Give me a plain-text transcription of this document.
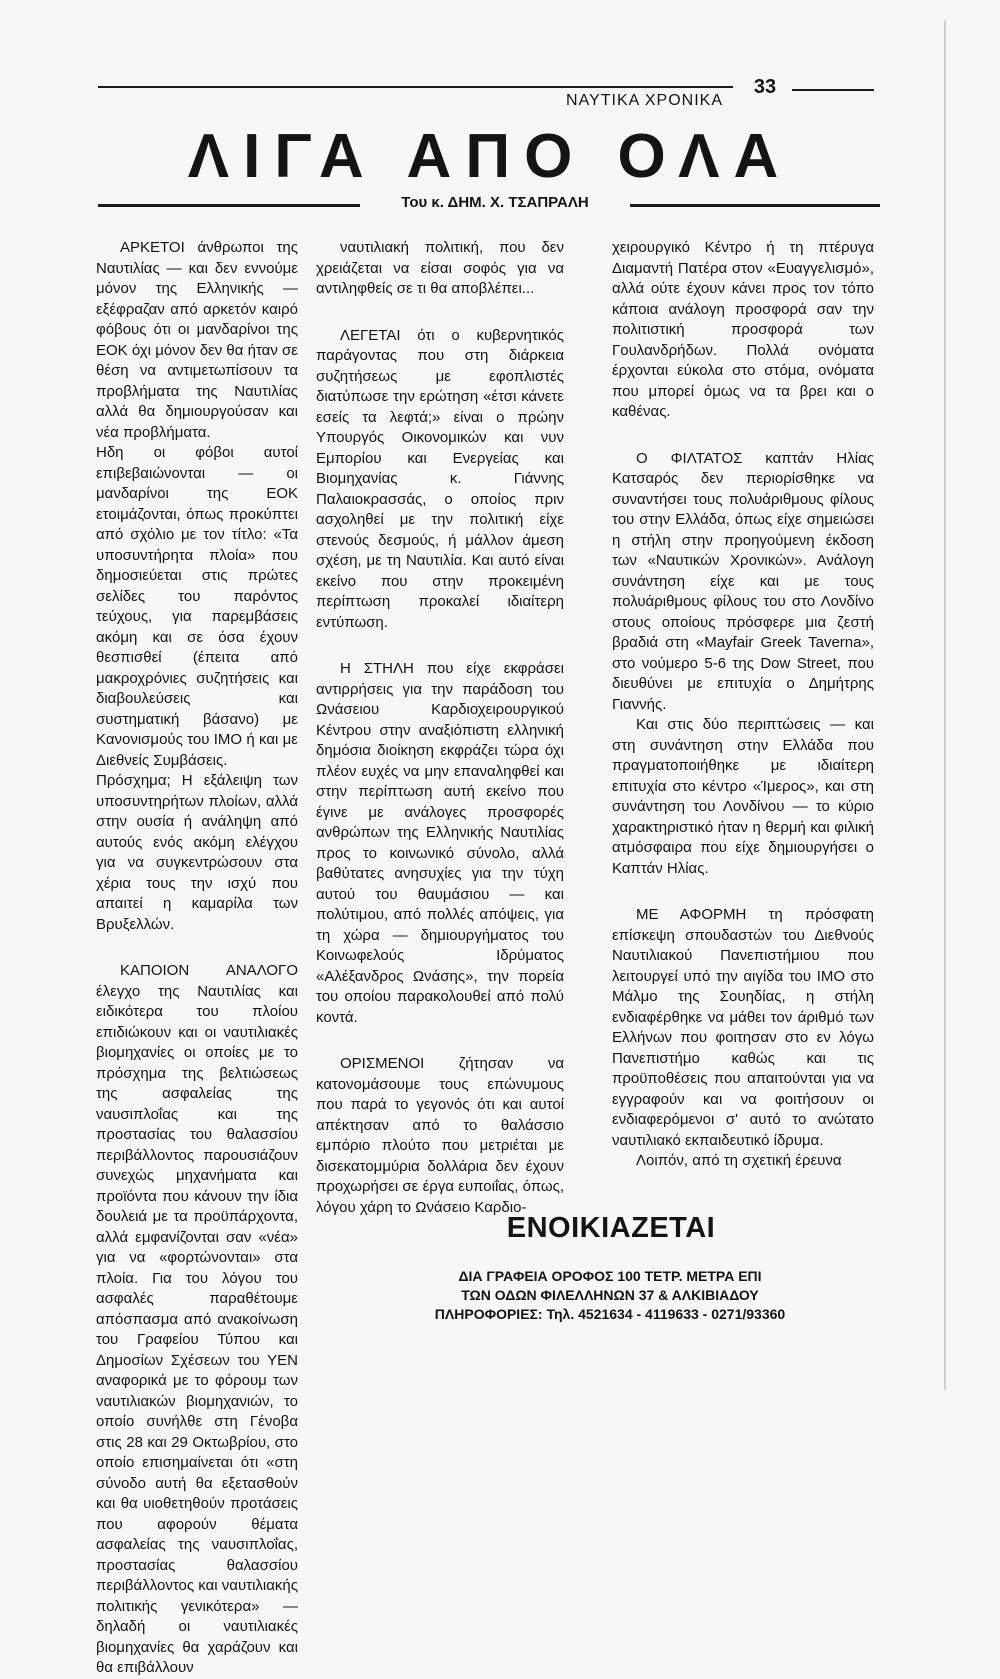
ΝΑΥΤΙΚΑ ΧΡΟΝΙΚΑ
33
ΛΙΓΑ ΑΠΟ ΟΛΑ
Του κ. ΔΗΜ. Χ. ΤΣΑΠΡΑΛΗ

ΑΡΚΕΤΟΙ άνθρωποι της Ναυτιλίας — και δεν εννούμε μόνον της Ελληνικής — εξέφραζαν από αρκετόν καιρό φόβους ότι οι μανδαρίνοι της ΕΟΚ όχι μόνον δεν θα ήταν σε θέση να αντιμετωπίσουν τα προβλήματα της Ναυτιλίας αλλά θα δημιουργούσαν και νέα προβλήματα.

Ηδη οι φόβοι αυτοί επιβεβαιώνονται — οι μανδαρίνοι της ΕΟΚ ετοιμάζονται, όπως προκύπτει από σχόλιο με τον τίτλο: «Τα υποσυντήρητα πλοία» που δημοσιεύεται στις πρώτες σελίδες του παρόντος τεύχους, για παρεμβάσεις ακόμη και σε όσα έχουν θεσπισθεί (έπειτα από μακροχρόνιες συζητήσεις και διαβουλεύσεις και συστηματική βάσανο) με Κανονισμούς του ΙΜΟ ή και με Διεθνείς Συμβάσεις.

Πρόσχημα; Η εξάλειψη των υποσυντηρήτων πλοίων, αλλά στην ουσία ή ανάληψη από αυτούς ενός ακόμη ελέγχου για να συγκεντρώσουν στα χέρια τους την ισχύ που απαιτεί η καμαρίλα των Βρυξελλών.

ΚΑΠΟΙΟΝ ΑΝΑΛΟΓΟ έλεγχο της Ναυτιλίας και ειδικότερα του πλοίου επιδιώκουν και οι ναυτιλιακές βιομηχανίες οι οποίες με το πρόσχημα της βελτιώσεως της ασφαλείας της ναυσιπλοΐας και της προστασίας του θαλασσίου περιβάλλοντος παρουσιάζουν συνεχώς μηχανήματα και προϊόντα που κάνουν την ίδια δουλειά με τα προϋπάρχοντα, αλλά εμφανίζονται σαν «νέα» για να «φορτώνονται» στα πλοία. Για του λόγου του ασφαλές παραθέτουμε απόσπασμα από ανακοίνωση του Γραφείου Τύπου και Δημοσίων Σχέσεων του ΥΕΝ αναφορικά με το φόρουμ των ναυτιλιακών βιομηχανιών, το οποίο συνήλθε στη Γένοβα στις 28 και 29 Οκτωβρίου, στο οποίο επισημαίνεται ότι «στη σύνοδο αυτή θα εξετασθούν και θα υιοθετηθούν προτάσεις που αφορούν θέματα ασφαλείας της ναυσιπλοΐας, προστασίας θαλασσίου περιβάλλοντος και ναυτιλιακής πολιτικής γενικότερα» — δηλαδή οι ναυτιλιακές βιομηχανίες θα χαράζουν και θα επιβάλλουν

ναυτιλιακή πολιτική, που δεν χρειάζεται να είσαι σοφός για να αντιληφθείς σε τι θα αποβλέπει...

ΛΕΓΕΤΑΙ ότι ο κυβερνητικός παράγοντας που στη διάρκεια συζητήσεως με εφοπλιστές διατύπωσε την ερώτηση «έτσι κάνετε εσείς τα λεφτά;» είναι ο πρώην Υπουργός Οικονομικών και νυν Εμπορίου και Ενεργείας και Βιομηχανίας κ. Γιάννης Παλαιοκρασσάς, ο οποίος πριν ασχοληθεί με την πολιτική είχε στενούς δεσμούς, ή μάλλον άμεση σχέση, με τη Ναυτιλία. Και αυτό είναι εκείνο που στην προκειμένη περίπτωση προκαλεί ιδιαίτερη εντύπωση.

Η ΣΤΗΛΗ που είχε εκφράσει αντιρρήσεις για την παράδοση του Ωνάσειου Καρδιοχειρουργικού Κέντρου στην αναξιόπιστη ελληνική δημόσια διοίκηση εκφράζει τώρα όχι πλέον ευχές να μην επαναληφθεί και στην περίπτωση αυτή εκείνο που έγινε με ανάλογες προσφορές ανθρώπων της Ελληνικής Ναυτιλίας προς το κοινωνικό σύνολο, αλλά βαθύτατες ανησυχίες για την τύχη αυτού του θαυμάσιου — και πολύτιμου, από πολλές απόψεις, για τη χώρα — δημιουργήματος του Κοινωφελούς Ιδρύματος «Αλέξανδρος Ωνάσης», την πορεία του οποίου παρακολουθεί από πολύ κοντά.

ΟΡΙΣΜΕΝΟΙ ζήτησαν να κατονομάσουμε τους επώνυμους που παρά το γεγονός ότι και αυτοί απέκτησαν από το θαλάσσιο εμπόριο πλούτο που μετριέται με δισεκατομμύρια δολλάρια δεν έχουν προχωρήσει σε έργα ευποιΐας, όπως, λόγου χάρη το Ωνάσειο Καρδιο-

χειρουργικό Κέντρο ή τη πτέρυγα Διαμαντή Πατέρα στον «Ευαγγελισμό», αλλά ούτε έχουν κάνει προς τον τόπο κάποια ανάλογη προσφορά σαν την πολιτιστική προσφορά των Γουλανδρήδων. Πολλά ονόματα έρχονται εύκολα στο στόμα, ονόματα που μπορεί όμως να τα βρει και ο καθένας.

Ο ΦΙΛΤΑΤΟΣ καπτάν Ηλίας Κατσαρός δεν περιορίσθηκε να συναντήσει τους πολυάριθμους φίλους του στην Ελλάδα, όπως είχε σημειώσει η στήλη στην προηγούμενη έκδοση των «Ναυτικών Χρονικών». Ανάλογη συνάντηση είχε και με τους πολυάριθμους φίλους του στο Λονδίνο στους οποίους πρόσφερε μια ζεστή βραδιά στη «Mayfair Greek Taverna», στο νούμερο 5-6 της Dow Street, που διευθύνει με επιτυχία ο Δημήτρης Γιαννής.

Και στις δύο περιπτώσεις — και στη συνάντηση στην Ελλάδα που πραγματοποιήθηκε με ιδιαίτερη επιτυχία στο κέντρο «Ίμερος», και στη συνάντηση του Λονδίνου — το κύριο χαρακτηριστικό ήταν η θερμή και φιλική ατμόσφαιρα που είχε δημιουργήσει ο Καπτάν Ηλίας.

ΜΕ ΑΦΟΡΜΗ τη πρόσφατη επίσκεψη σπουδαστών του Διεθνούς Ναυτιλιακού Πανεπιστήμιου που λειτουργεί υπό την αιγίδα του ΙΜΟ στο Μάλμο της Σουηδίας, η στήλη ενδιαφέρθηκε να μάθει τον άριθμό των Ελλήνων που φοιτησαν στο εν λόγω Πανεπιστήμο καθώς και τις προϋποθέσεις που απαιτούνται για να εγγραφούν και να φοιτήσουν οι ενδιαφερόμενοι σ' αυτό το ανώτατο ναυτιλιακό εκπαιδευτικό ίδρυμα.

Λοιπόν, από τη σχετική έρευνα

ΕΝΟΙΚΙΑΖΕΤΑΙ
ΔΙΑ ΓΡΑΦΕΙΑ ΟΡΟΦΟΣ 100 ΤΕΤΡ. ΜΕΤΡΑ ΕΠΙ
ΤΩΝ ΟΔΩΝ ΦΙΛΕΛΛΗΝΩΝ 37 & ΑΛΚΙΒΙΑΔΟΥ
ΠΛΗΡΟΦΟΡΙΕΣ: Τηλ. 4521634 - 4119633 - 0271/93360
